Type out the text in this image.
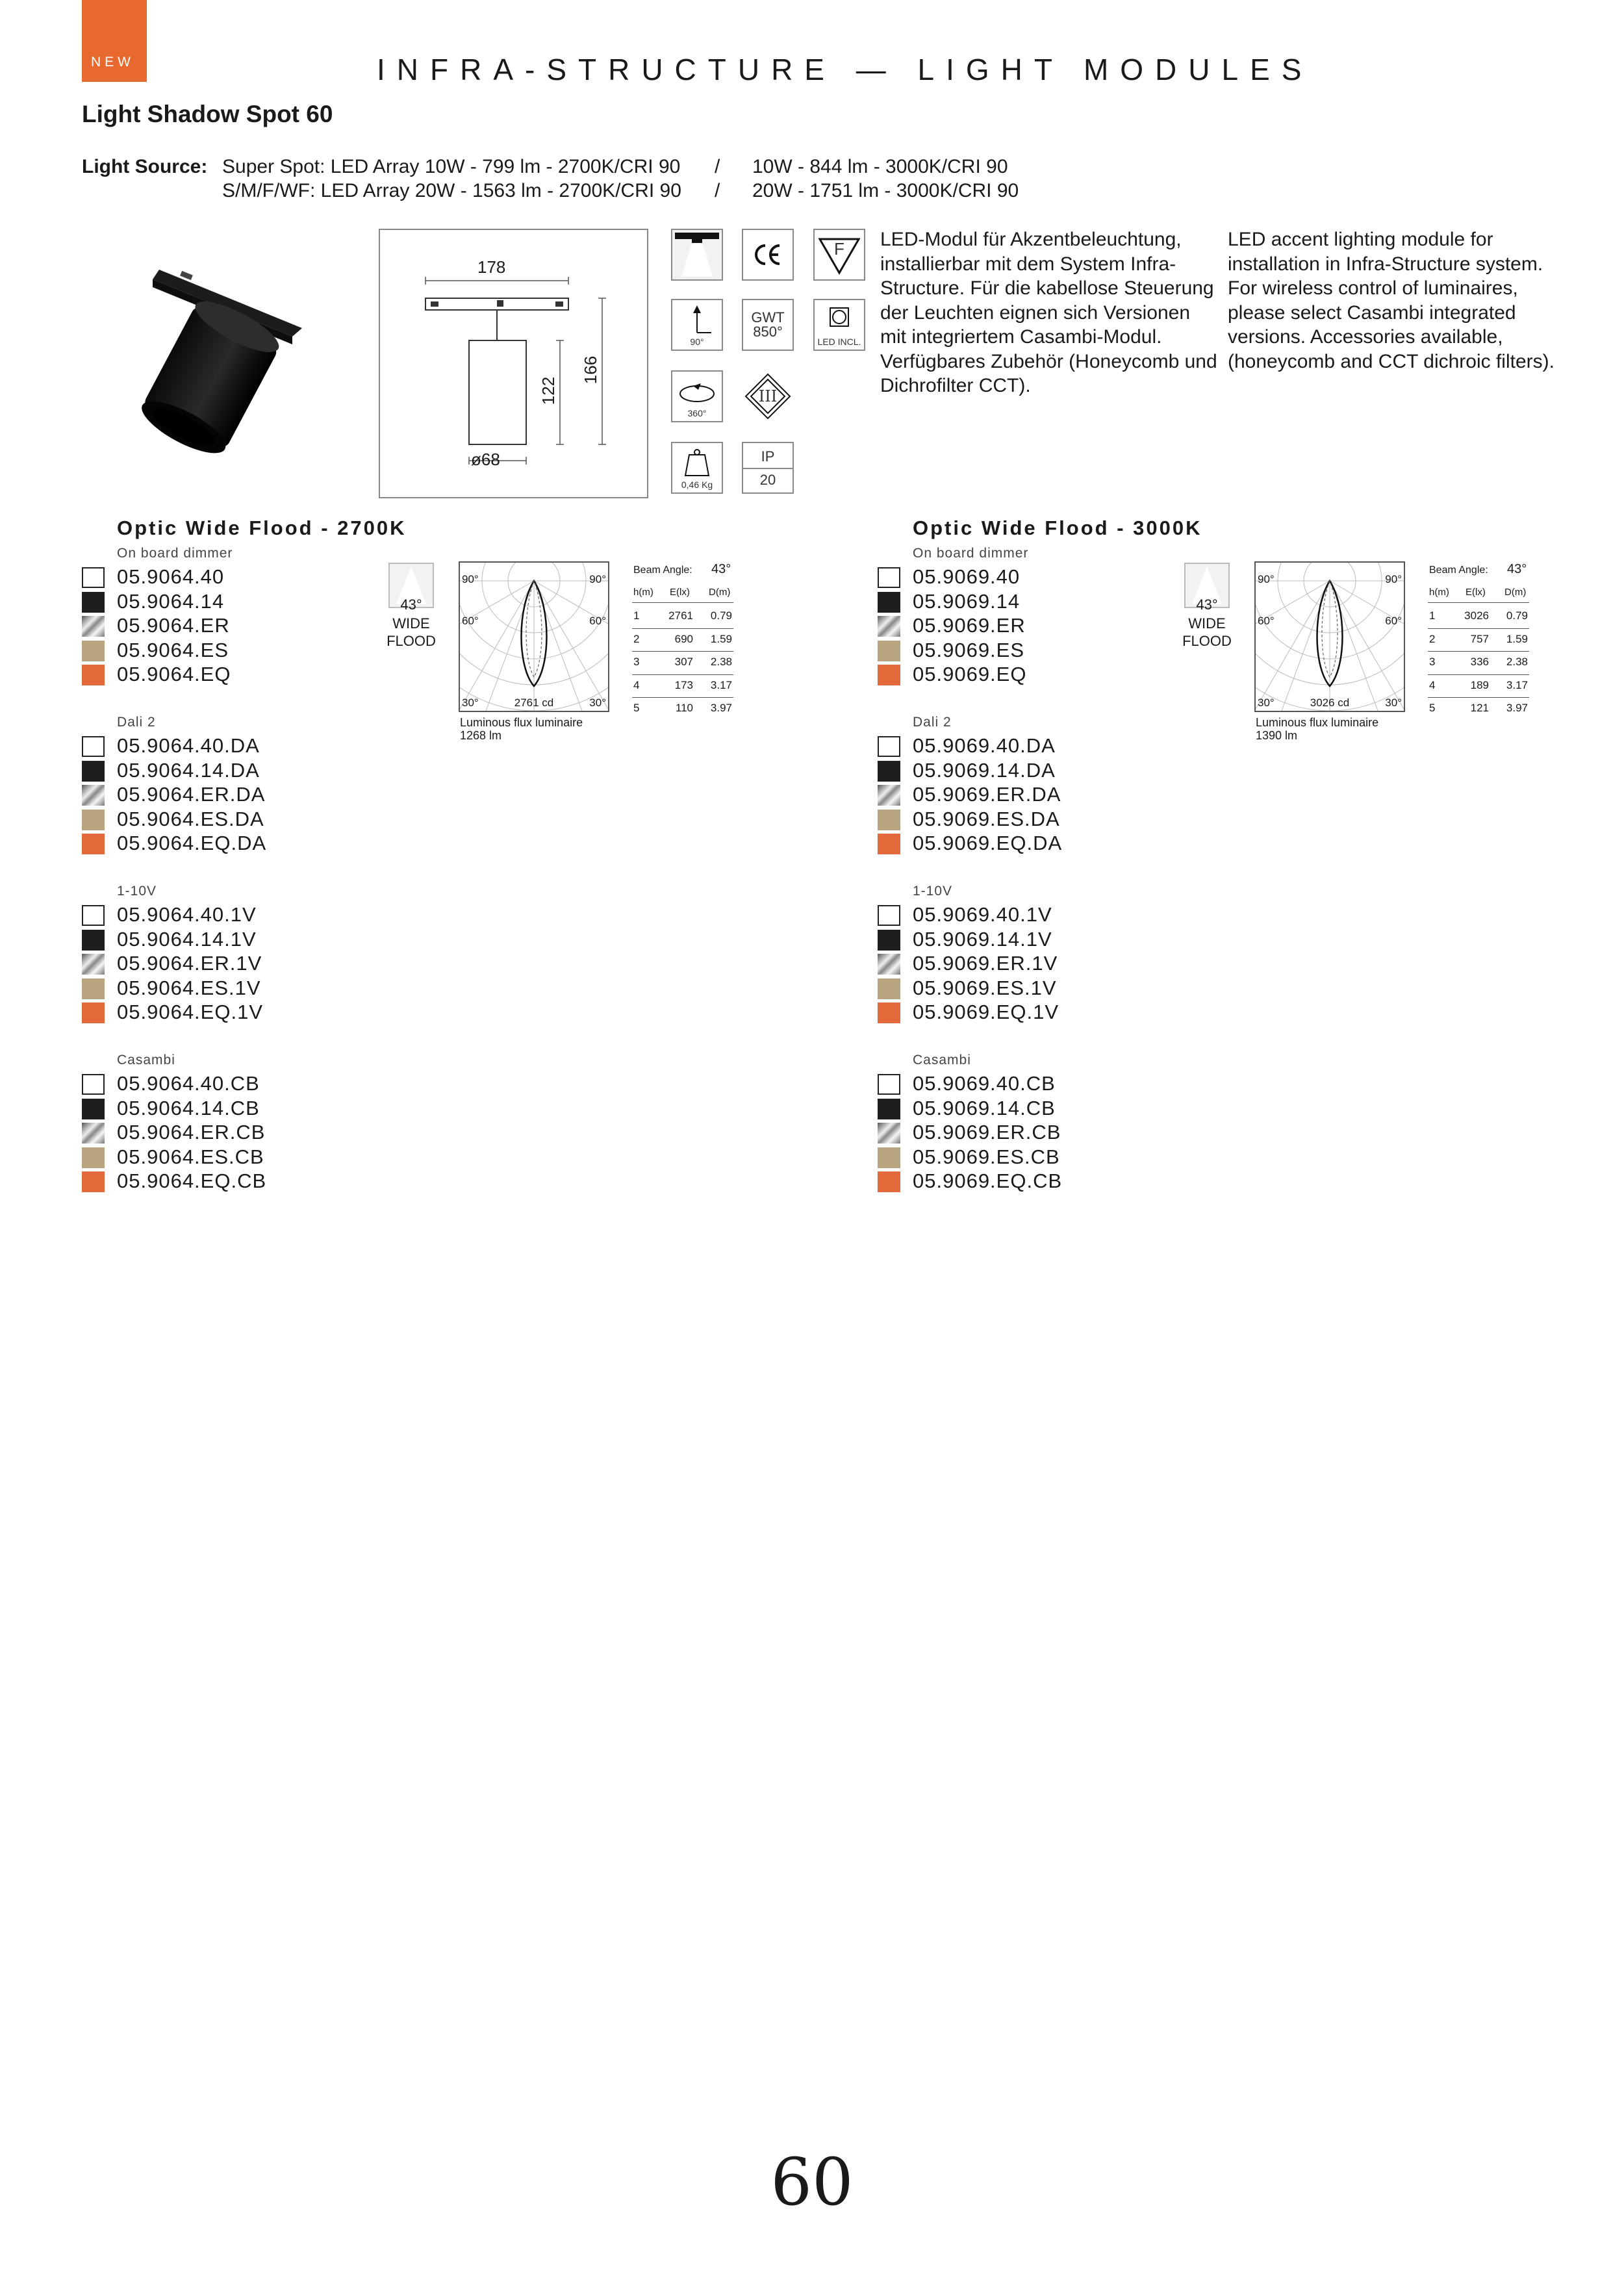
NEW	INFRA-STRUCTURE — LIGHT MODULES
Light Shadow Spot 60
Light Source: Super Spot: LED Array 10W - 799 lm - 2700K/CRI 90 / 10W - 844 lm - 3000K/CRI 90
S/M/F/WF: LED Array 20W - 1563 lm - 2700K/CRI 90 / 20W - 1751 lm - 3000K/CRI 90
178
ø68
122
166
F
90°
GWT
850°
LED INCL.
360°
III
0,46 Kg
IP
20
LED-Modul für Akzentbeleuchtung, installierbar mit dem System Infra-Structure. Für die kabellose Steuerung der Leuchten eignen sich Versionen mit integriertem Casambi-Modul. Verfügbares Zubehör (Honeycomb und Dichrofilter CCT).
LED accent lighting module for installation in Infra-Structure system. For wireless control of luminaires, please select Casambi integrated versions. Accessories available, (honeycomb and CCT dichroic filters).
Optic Wide Flood - 2700K
On board dimmer
05.9064.40
05.9064.14
05.9064.ER
05.9064.ES
05.9064.EQ
Dali 2
05.9064.40.DA
05.9064.14.DA
05.9064.ER.DA
05.9064.ES.DA
05.9064.EQ.DA
1-10V
05.9064.40.1V
05.9064.14.1V
05.9064.ER.1V
05.9064.ES.1V
05.9064.EQ.1V
Casambi
05.9064.40.CB
05.9064.14.CB
05.9064.ER.CB
05.9064.ES.CB
05.9064.EQ.CB
43°
WIDE
FLOOD
90°	90°
60°	60°
30°	30°
2761 cd
Luminous flux luminaire
1268 lm
Beam Angle: 43°
h(m) E(lx) D(m)
1	2761	0.79
2	690	1.59
3	307	2.38
4	173	3.17
5	110	3.97
Optic Wide Flood - 3000K
On board dimmer
05.9069.40
05.9069.14
05.9069.ER
05.9069.ES
05.9069.EQ
Dali 2
05.9069.40.DA
05.9069.14.DA
05.9069.ER.DA
05.9069.ES.DA
05.9069.EQ.DA
1-10V
05.9069.40.1V
05.9069.14.1V
05.9069.ER.1V
05.9069.ES.1V
05.9069.EQ.1V
Casambi
05.9069.40.CB
05.9069.14.CB
05.9069.ER.CB
05.9069.ES.CB
05.9069.EQ.CB
43°
WIDE
FLOOD
90°	90°
60°	60°
30°	30°
3026 cd
Luminous flux luminaire
1390 lm
Beam Angle: 43°
h(m) E(lx) D(m)
1	3026	0.79
2	757	1.59
3	336	2.38
4	189	3.17
5	121	3.97
60
